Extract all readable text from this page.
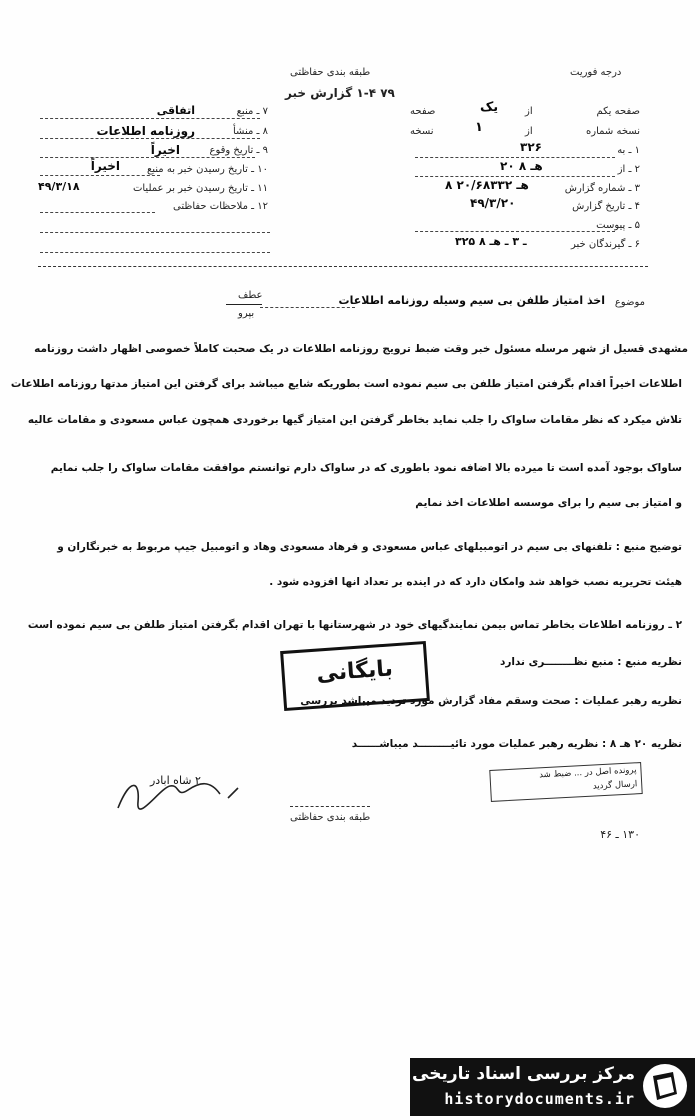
طبقه بندی حفاظتی
۷۹ ۱-۴ گزارش خبر
درجه فوریت
۷ ـ منبع
اتفاقی
۸ ـ منشأ
روزنامه اطلاعات
۹ ـ تاریخ وقوع
اخیراً
۱۰ ـ تاریخ رسیدن خبر به منبع
اخیراً
۱۱ ـ تاریخ رسیدن خبر بر عملیات
۴۹/۳/۱۸
۱۲ ـ ملاحظات حفاظتی
صفحه یکم
از
یک
صفحه
نسخه شماره
از
۱
نسخه
۱ ـ به
۳۲۶
۲ ـ از
۲۰ هـ ۸
۳ ـ شماره گزارش
۸ هـ ۲۰/۶۸۳۳۲
۴ ـ تاریخ گزارش
۴۹/۳/۲۰
۵ ـ پیوست
۶ ـ گیرندگان خبر
۳۲۵ ـ ۳ ـ هـ ۸
موضوع
اخذ امتیاز طلفن بی سیم وسیله روزنامه اطلاعات
عطف
بپرو
مشهدی قسیل از شهر مرسله مسئول خبر وقت ضبط ترویج روزنامه اطلاعات در یک صحبت کاملاً خصوصی اظهار داشت روزنامه
اطلاعات اخیراً اقدام بگرفتن امتیاز طلفن بی سیم نموده است بطوریکه شایع میباشد برای گرفتن این امتیاز مدتها روزنامه اطلاعات
تلاش میکرد که نظر مقامات ساواک را جلب نماید بخاطر گرفتن این امتیاز گیها برخوردی همچون عباس مسعودی و مقامات عالیه
ساواک بوجود آمده است تا میرده بالا اضافه نمود باطوری که در ساواک دارم توانستم موافقت مقامات ساواک را جلب نمایم
و امتیاز بی سیم را برای موسسه اطلاعات اخذ نمایم
توضیح منبع : تلفنهای بی سیم در اتومبیلهای عباس مسعودی و فرهاد مسعودی وهاد و اتومبیل جیپ مربوط به خبرنگاران و
هیئت تحریریه نصب خواهد شد وامکان دارد که در اینده بر تعداد انها افزوده شود .
۲ ـ روزنامه اطلاعات بخاطر تماس بیمن نمایندگیهای خود در شهرستانها با تهران اقدام بگرفتن امتیاز طلفن بی سیم نموده است
نظریه منبع : منبع نظــــــــری ندارد
نظریه رهبر عملیات : صحت وسقم مفاد گزارش مورد تردید میباشد بررسی
نظریه ۲۰ هـ ۸ : نظریه رهبر عملیات مورد تائیـــــــــد میباشــــــد
بایگانی
پرونده اصل در ... ضبط شد
ارسال گردید
۲ شاه ابادر
طبقه بندی حفاظتی
۱۳۰ ـ ۴۶
مرکز بررسی اسناد تاریخی
historydocuments.ir
